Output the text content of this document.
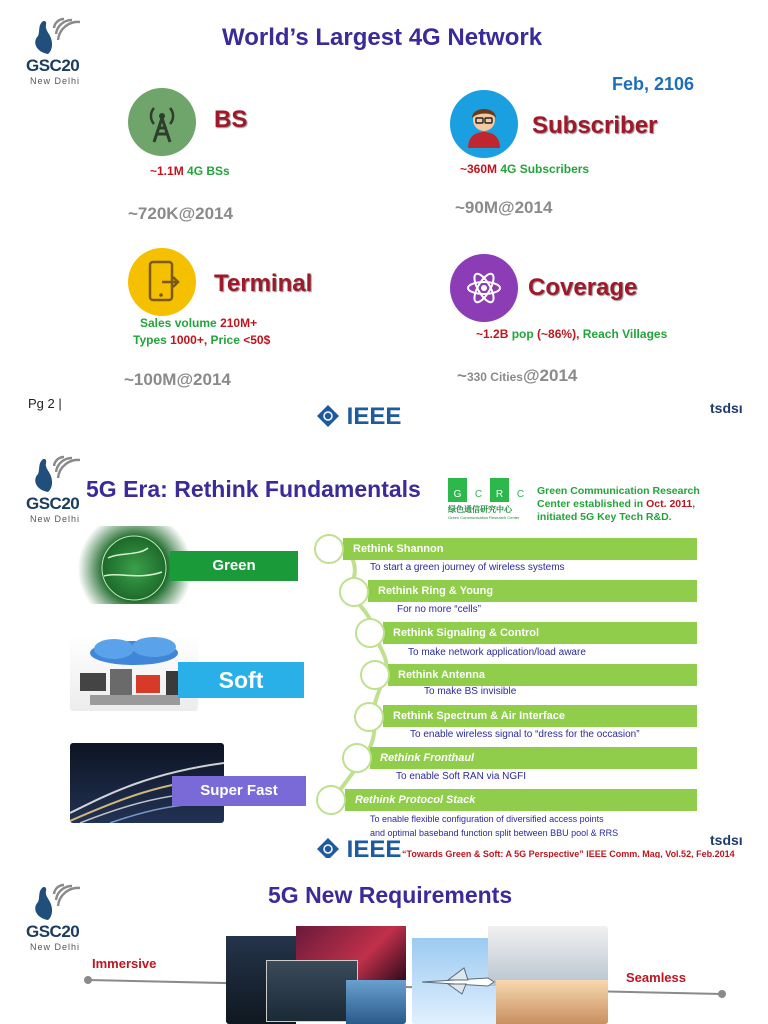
GSC20
New Delhi
World’s Largest 4G Network
Feb, 2106
BS
~1.1M 4G BSs
~720K@2014
Subscriber
~360M 4G Subscribers
~90M@2014
Terminal
Sales volume 210M+
Types 1000+, Price <50$
~100M@2014
Coverage
~1.2B pop (~86%), Reach Villages
~330 Cities@2014
Pg 2 |	IEEE	tsdsı
GSC20
New Delhi
5G Era: Rethink Fundamentals	G	C	R	C
绿色通信研究中心
Green Communication Research Center
Green Communication Research
Center established in Oct. 2011,
initiated 5G Key Tech R&D.
Green
Soft
Super Fast
Rethink Shannon
To start a green journey of wireless systems
Rethink Ring & Young
For no more “cells”
Rethink Signaling & Control
To make network application/load aware
Rethink Antenna
To make BS invisible
Rethink Spectrum & Air Interface
To enable wireless signal to “dress for the occasion”
Rethink Fronthaul
To enable Soft RAN via NGFI
Rethink Protocol Stack
To enable flexible configuration of diversified access points
and optimal baseband function split between BBU pool & RRS
IEEE “Towards Green & Soft: A 5G Perspective” IEEE Comm. Mag, Vol.52, Feb.2014
tsdsı
GSC20
New Delhi
5G New Requirements
Immersive
Seamless
